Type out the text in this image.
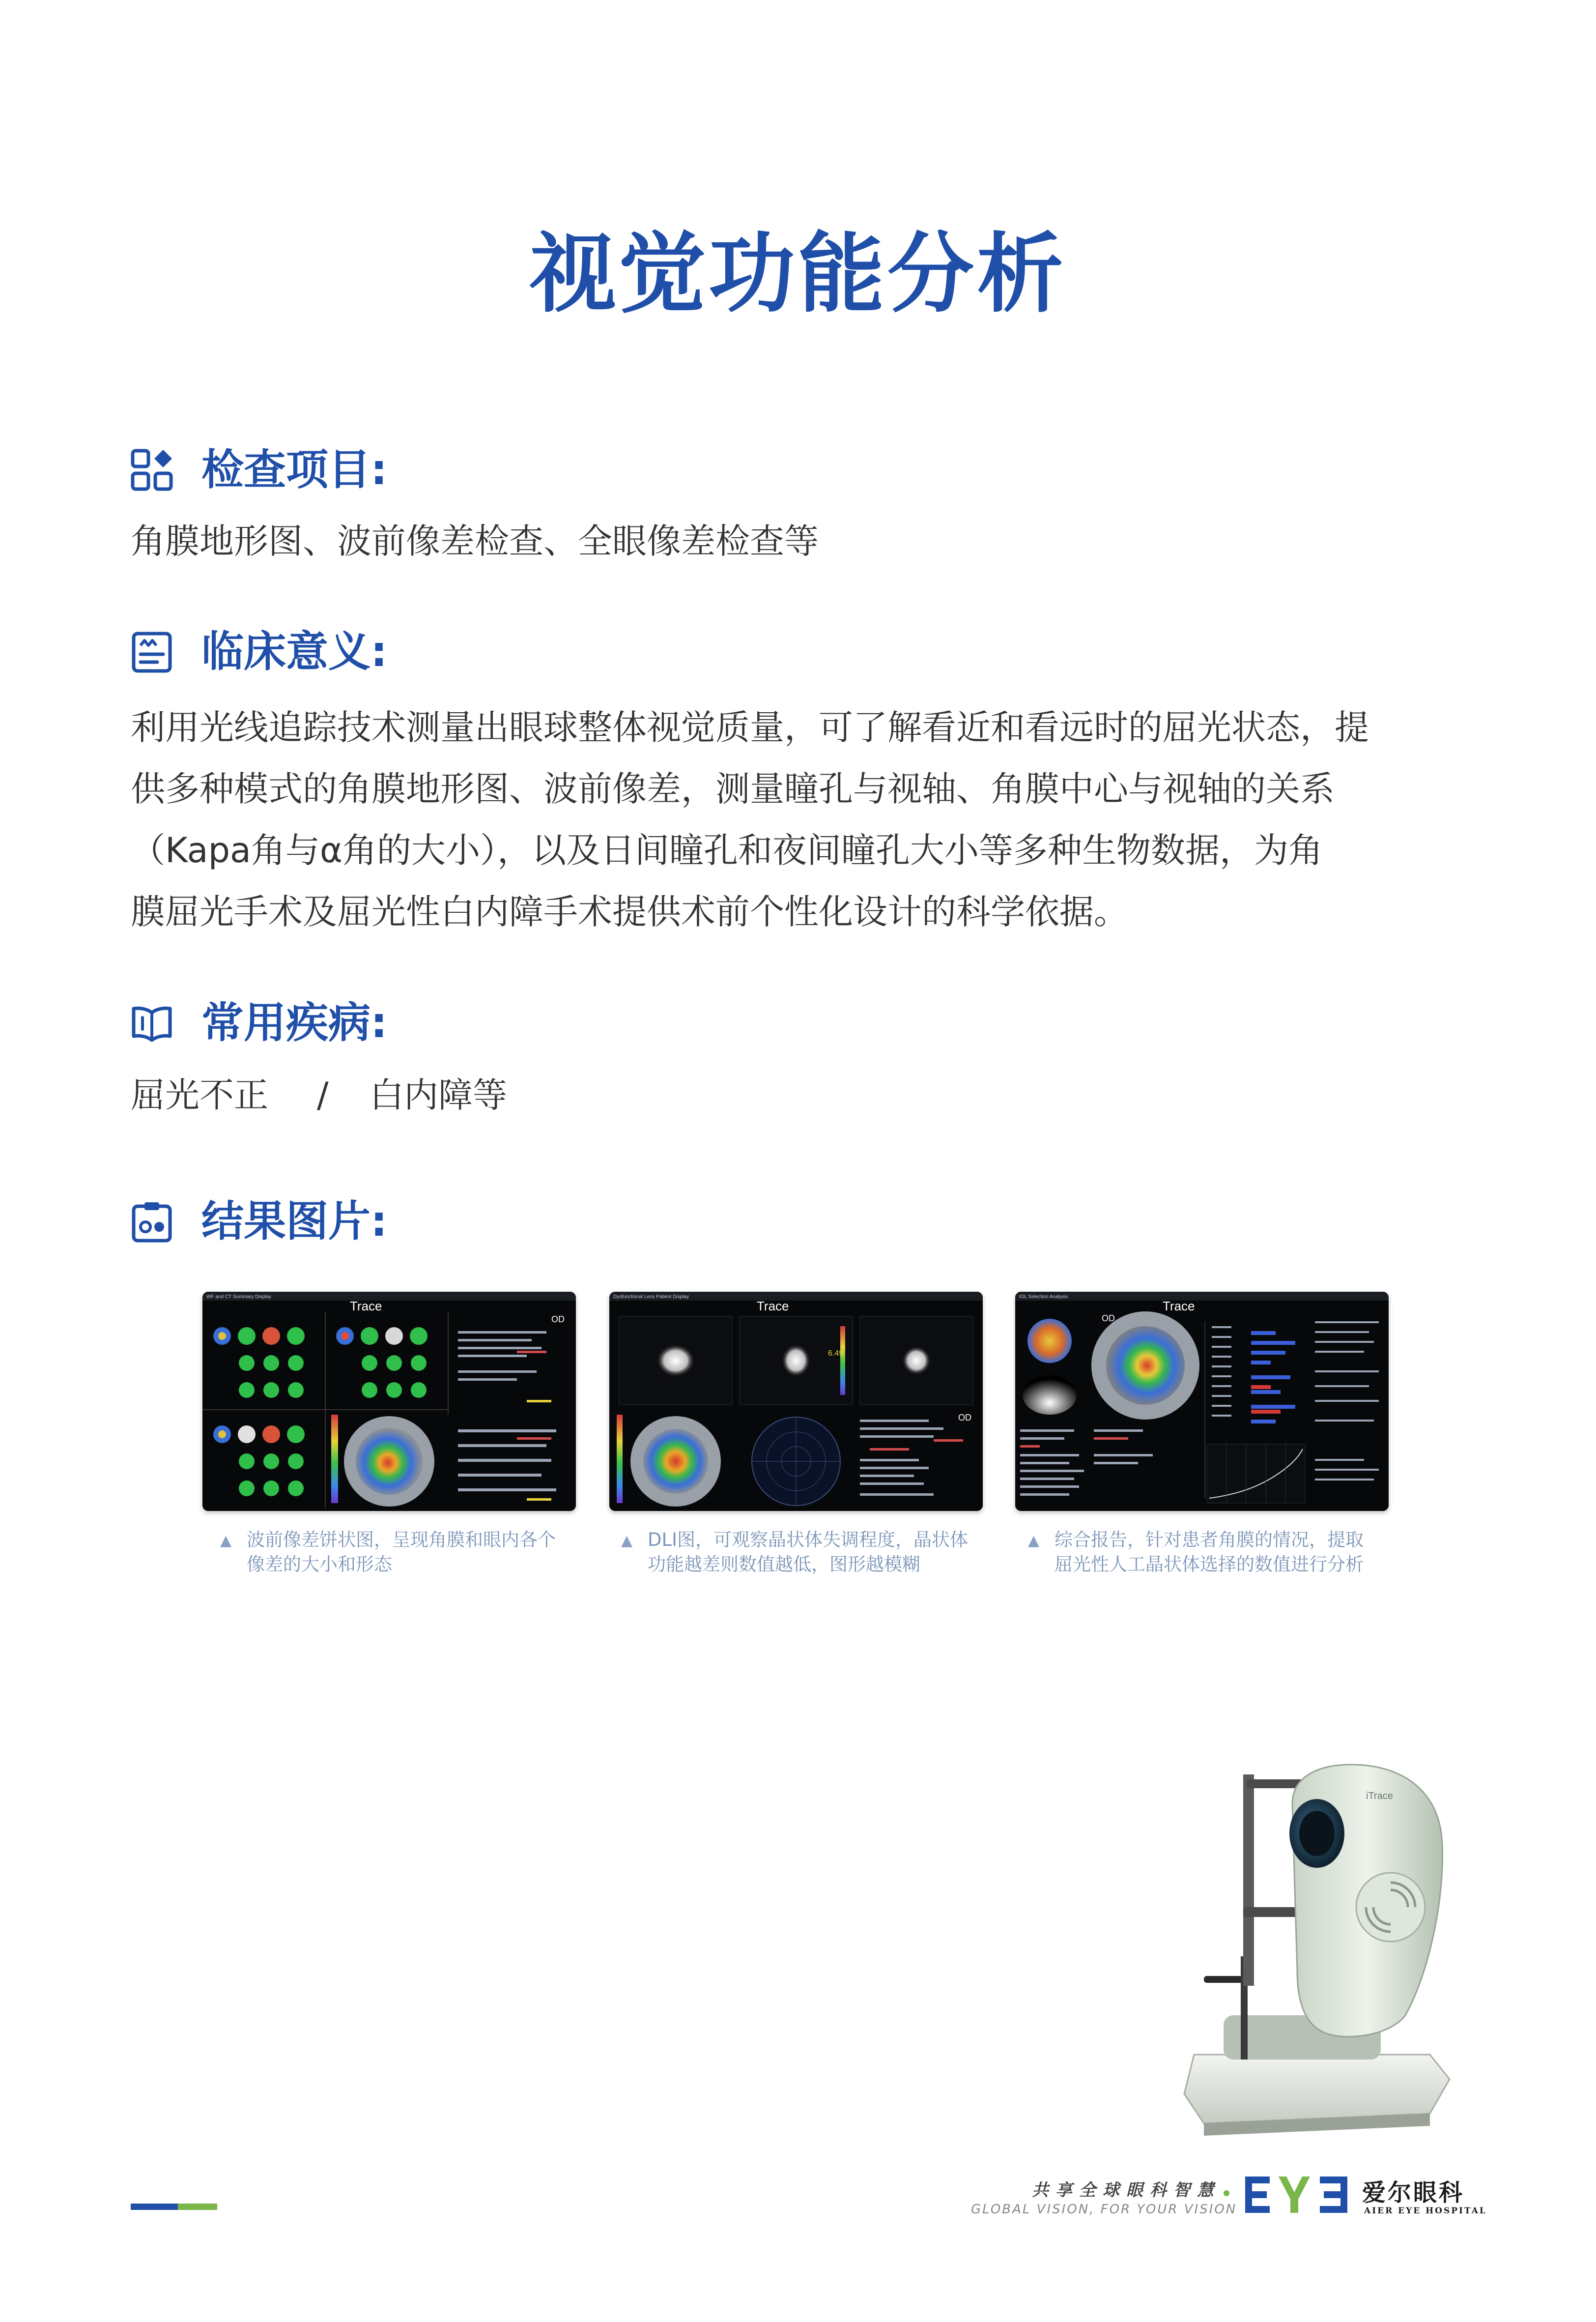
视觉功能分析
检查项目:
角膜地形图、波前像差检查、全眼像差检查等
临床意义:
利用光线追踪技术测量出眼球整体视觉质量，可了解看近和看远时的屈光状态，提
供多种模式的角膜地形图、波前像差，测量瞳孔与视轴、角膜中心与视轴的关系
（Kapa角与α角的大小），以及日间瞳孔和夜间瞳孔大小等多种生物数据，为角
膜屈光手术及屈光性白内障手术提供术前个性化设计的科学依据。
常用疾病:
屈光不正 / 白内障等
结果图片:
WF and CT Summary Display
Trace
OD
Dysfunctional Lens Patient Display
Trace
OD
6.49
IOL Selection Analysis
Trace
OD
▲ 波前像差饼状图，呈现角膜和眼内各个
像差的大小和形态
▲ DLI图，可观察晶状体失调程度，晶状体
功能越差则数值越低，图形越模糊
▲ 综合报告，针对患者角膜的情况，提取
屈光性人工晶状体选择的数值进行分析
iTrace
共享全球眼科智慧
GLOBAL VISION, FOR YOUR VISION
爱尔眼科
AIER EYE HOSPITAL
